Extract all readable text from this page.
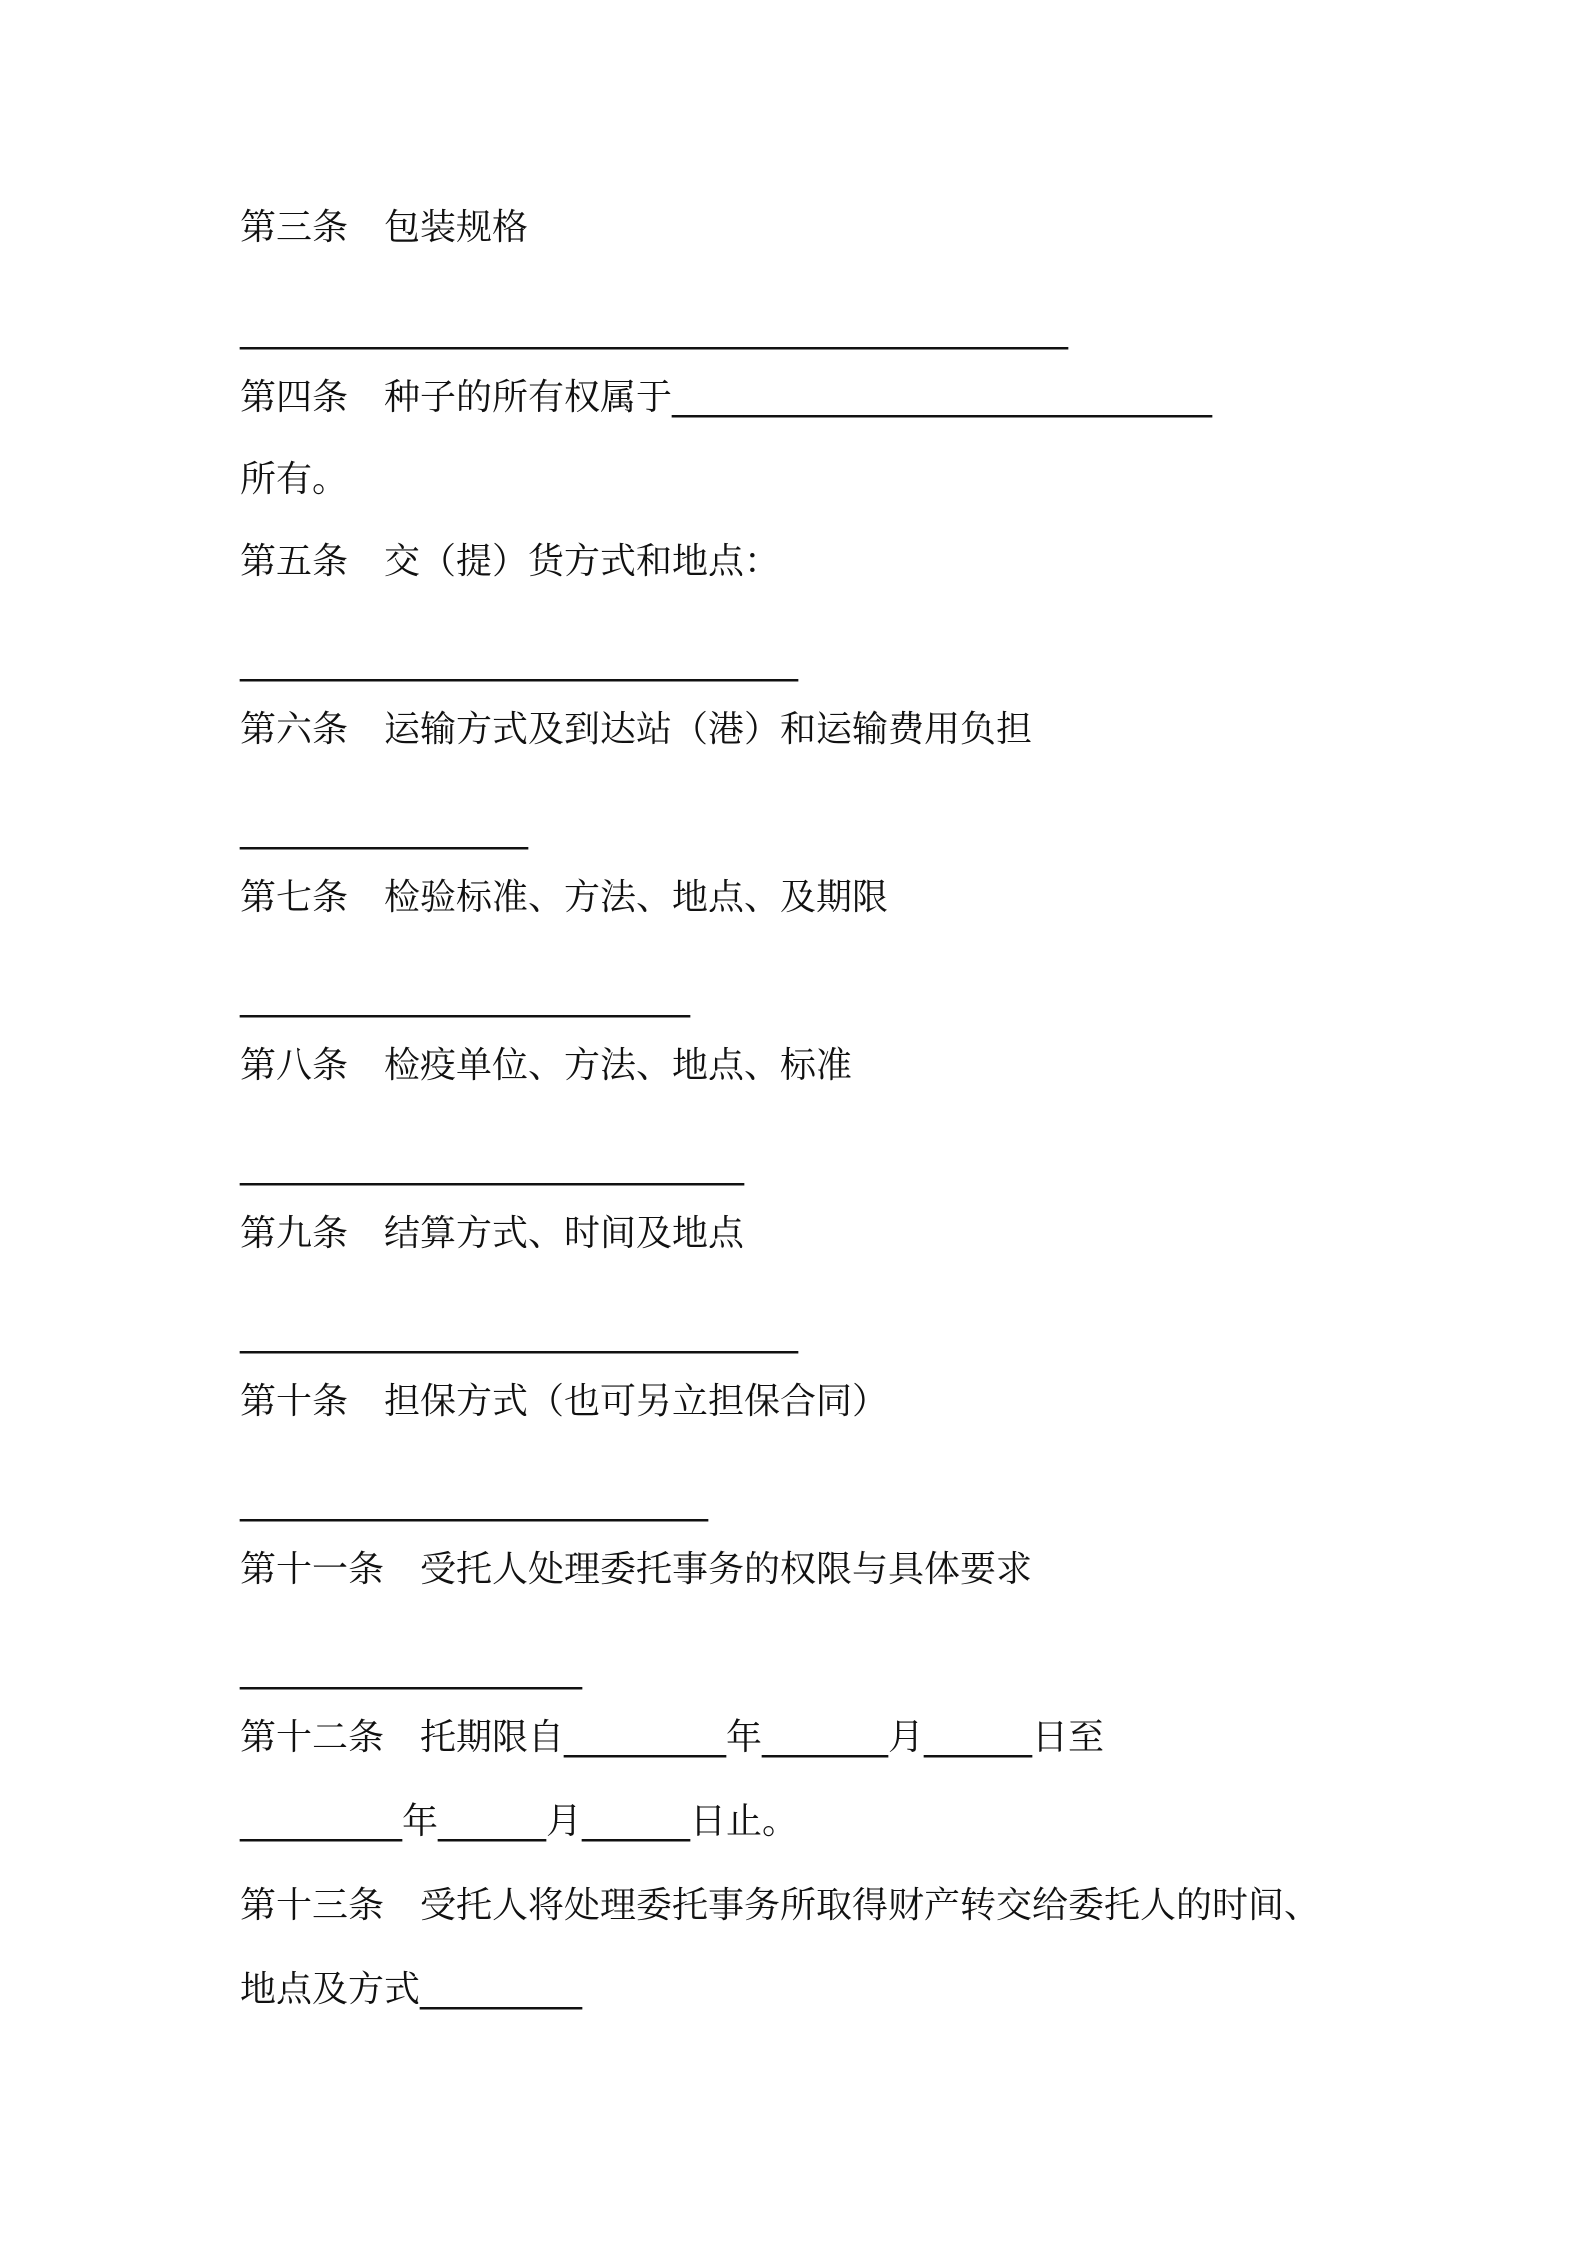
第三条　包装规格
______________________________________________
第四条　种子的所有权属于______________________________
所有。
第五条　交（提）货方式和地点：
_______________________________
第六条　运输方式及到达站（港）和运输费用负担
________________
第七条　检验标准、方法、地点、及期限
_________________________
第八条　检疫单位、方法、地点、标准
____________________________
第九条　结算方式、时间及地点
_______________________________
第十条　担保方式（也可另立担保合同）
__________________________
第十一条　受托人处理委托事务的权限与具体要求
___________________
第十二条　托期限自_________年_______月______日至
_________年______月______日止。
第十三条　受托人将处理委托事务所取得财产转交给委托人的时间、
地点及方式_________
